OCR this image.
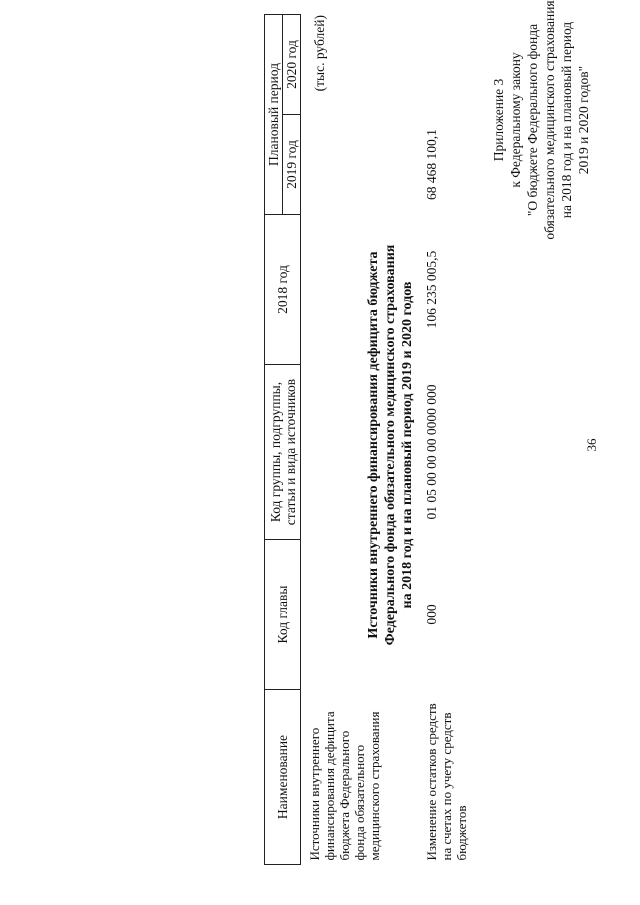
36
Приложение 3 к Федеральному закону "О бюджете Федерального фонда обязательного медицинского страхования на 2018 год и на плановый период 2019 и 2020 годов"
Источники внутреннего финансирования дефицита бюджета Федерального фонда обязательного медицинского страхования на 2018 год и на плановый период 2019 и 2020 годов
(тыс. рублей)
Наименование	Код главы	Код группы, подгруппы, статьи и вида источников	2018 год	Плановый период	
				2019 год	2020 год
Источники внутреннего финансирования дефицита бюджета Федерального фонда обязательного медицинского страхования					

Изменение остатков средств на счетах по учету средств бюджетов	000	01 05 00 00 00 0000 000	106 235 005,5	68 468 100,1	
